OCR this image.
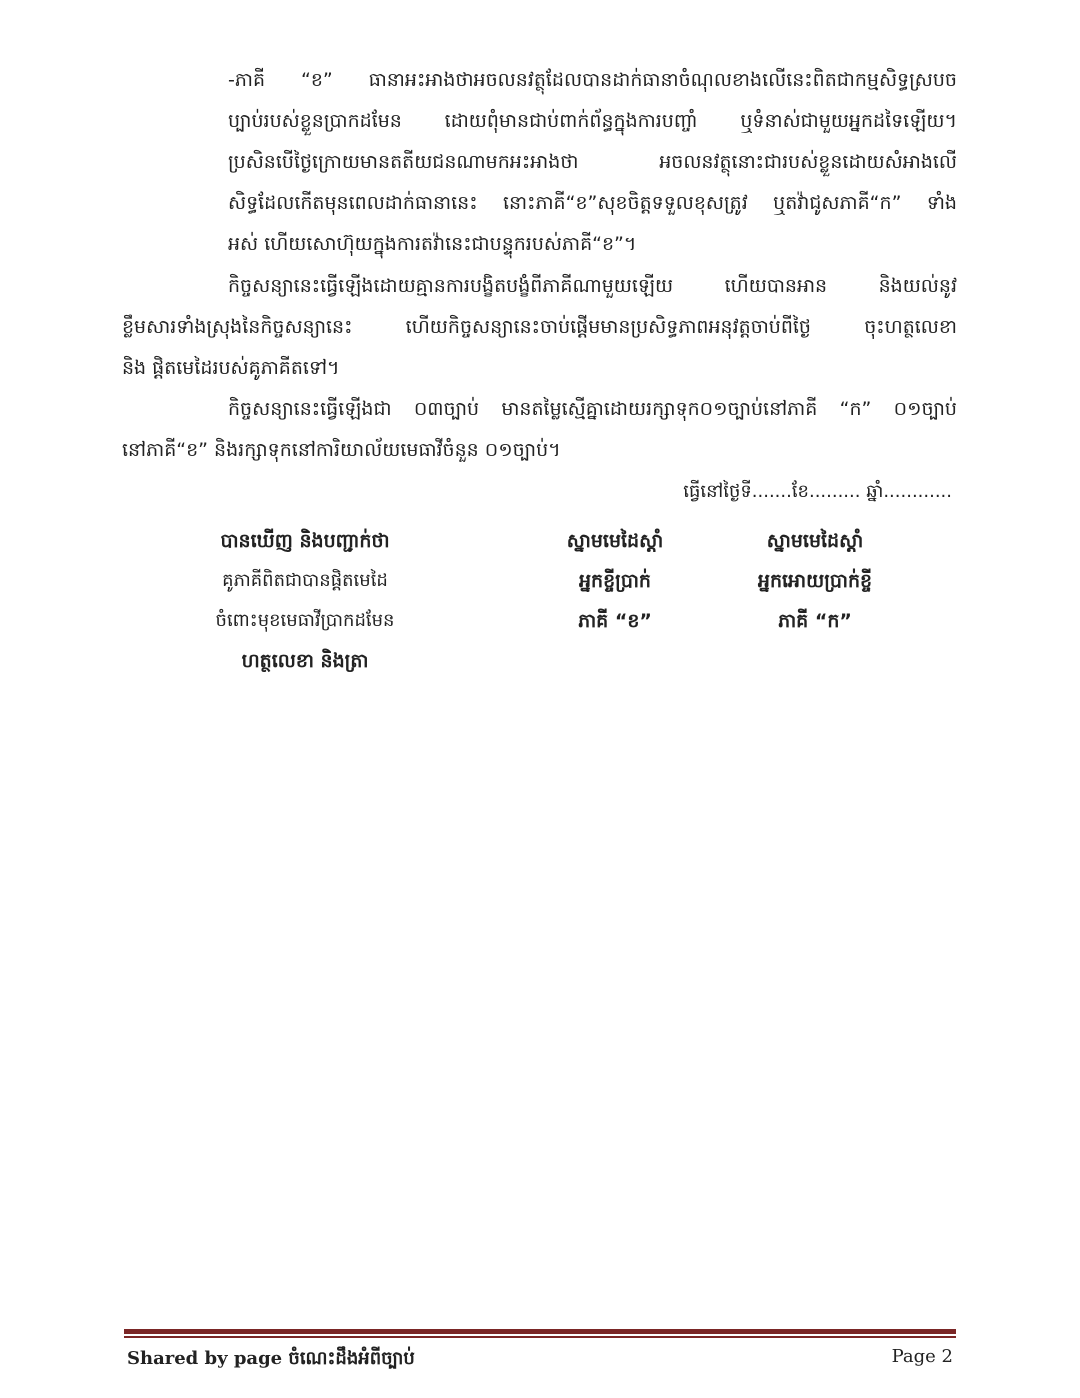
-ភាគី “ខ” ធានាអះអាងថាអចលនវត្ថុដែលបានដាក់ធានាចំណុលខាងលើនេះពិតជាកម្មសិទ្ធស្របច
ប្បាប់របស់ខ្លួនប្រាកដមែន ដោយពុំមានជាប់ពាក់ព័ន្ធក្នុងការបញ្ចាំ ឬទំនាស់ជាមួយអ្នកដទៃឡើយ។
ប្រសិនបើថ្ងៃក្រោយមានតតីយជនណាមកអះអាងថា អចលនវត្ថុនោះជារបស់ខ្លួនដោយសំអាងលើ
សិទ្ធដែលកើតមុនពេលដាក់ធានានេះ នោះភាគី“ខ”សុខចិត្តទទួលខុសត្រូវ ឬតវ៉ាជូសភាគី“ក” ទាំង
អស់ ហើយសោហ៊ុយក្នុងការតវ៉ានេះជាបន្ទុករបស់ភាគី“ខ”។
កិច្ចសន្យានេះធ្វើឡើងដោយគ្មានការបង្ខិតបង្ខំពីភាគីណាមួយឡើយ ហើយបានអាន និងយល់នូវ
ខ្លឹមសារទាំងស្រុងនៃកិច្ចសន្យានេះ ហើយកិច្ចសន្យានេះចាប់ផ្តើមមានប្រសិទ្ធភាពអនុវត្តចាប់ពីថ្ងៃ ចុះហត្ថលេខា
និង ផ្តិតមេដៃរបស់គូភាគីតទៅ។
កិច្ចសន្យានេះធ្វើឡើងជា ០៣ច្បាប់ មានតម្លៃស្មើគ្នាដោយរក្សាទុក០១ច្បាប់នៅភាគី “ក” ០១ច្បាប់
នៅភាគី“ខ” និងរក្សាទុកនៅការិយាល័យមេធាវីចំនួន ០១ច្បាប់។
ធ្វើនៅថ្ងៃទី.......ខែ......... ឆ្នាំ............
បានឃើញ និងបញ្ជាក់ថា
គូភាគីពិតជាបានផ្តិតមេដៃ
ចំពោះមុខមេធាវីប្រាកដមែន
ហត្ថលេខា និងត្រា
ស្នាមមេដៃស្តាំ
អ្នកខ្ចីប្រាក់
ភាគី “ខ”
ស្នាមមេដៃស្តាំ
អ្នកអោយប្រាក់ខ្ចី
ភាគី “ក”
Shared by page ចំណេះដឹងអំពីច្បាប់	Page 2
